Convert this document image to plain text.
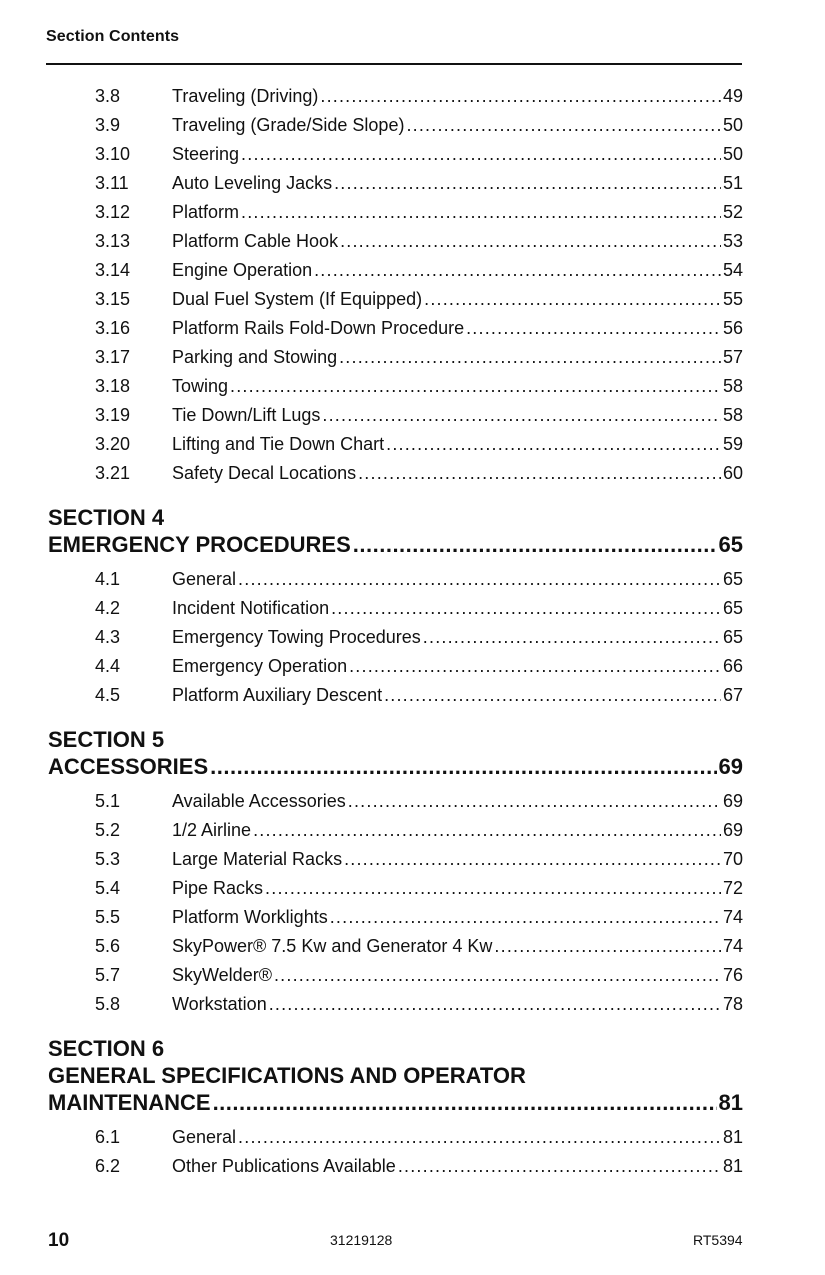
Section Contents
3.8	Traveling (Driving) .....	49
3.9	Traveling (Grade/Side Slope) .....	50
3.10 Steering .....	50
3.11 Auto Leveling Jacks .....	51
3.12 Platform .....	52
3.13 Platform Cable Hook .....	53
3.14 Engine Operation .....	54
3.15 Dual Fuel System (If Equipped) .....	55
3.16 Platform Rails Fold-Down Procedure .....	56
3.17 Parking and Stowing .....	57
3.18 Towing .....	58
3.19 Tie Down/Lift Lugs .....	58
3.20 Lifting and Tie Down Chart .....	59
3.21 Safety Decal Locations .....	60
SECTION 4
EMERGENCY PROCEDURES .....	65
4.1	General .....	65
4.2	Incident Notification .....	65
4.3	Emergency Towing Procedures .....	65
4.4	Emergency Operation .....	66
4.5	Platform Auxiliary Descent .....	67
SECTION 5
ACCESSORIES .....	69
5.1	Available Accessories .....	69
5.2	1/2 Airline .....	69
5.3	Large Material Racks .....	70
5.4	Pipe Racks .....	72
5.5	Platform Worklights .....	74
5.6	SkyPower® 7.5 Kw and Generator 4 Kw .....	74
5.7	SkyWelder® .....	76
5.8	Workstation .....	78
SECTION 6
GENERAL SPECIFICATIONS AND OPERATOR
MAINTENANCE .....	81
6.1	General .....	81
6.2	Other Publications Available .....	81
10	31219128	RT5394
